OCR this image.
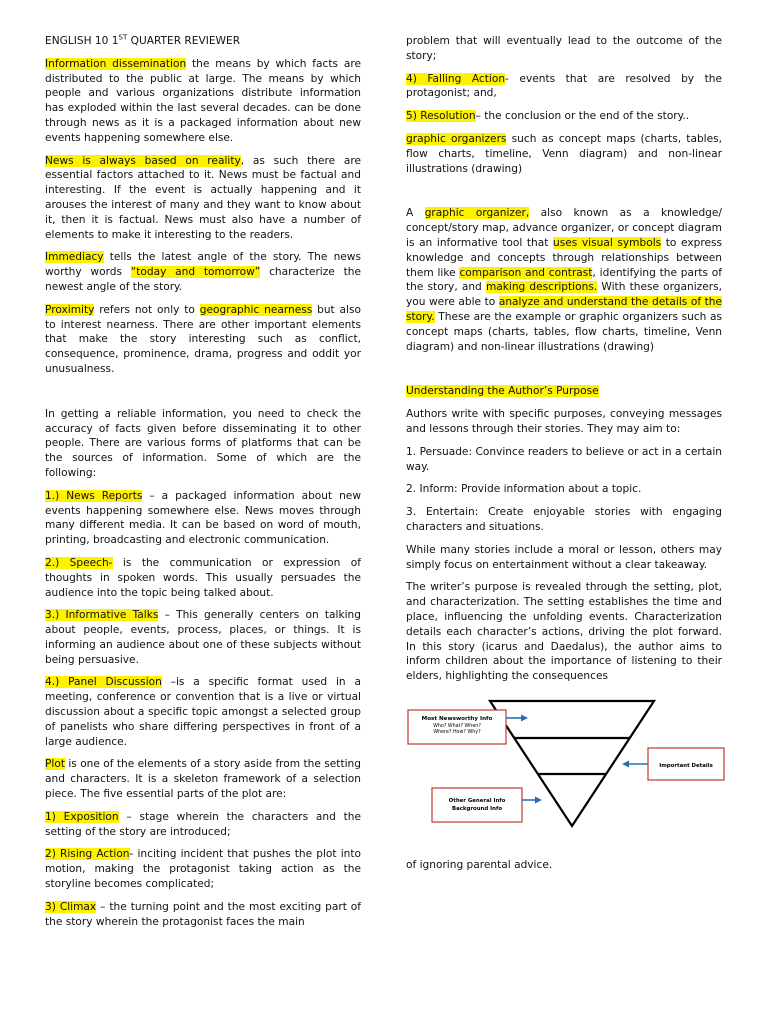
ENGLISH 10 1ST QUARTER REVIEWER

Information dissemination the means by which facts are distributed to the public at large. The means by which people and various organizations distribute information has exploded within the last several decades. can be done through news as it is a packaged information about new events happening somewhere else.

News is always based on reality, as such there are essential factors attached to it. News must be factual and interesting. If the event is actually happening and it arouses the interest of many and they want to know about it, then it is factual. News must also have a number of elements to make it interesting to the readers.

Immediacy tells the latest angle of the story. The news worthy words “today and tomorrow” characterize the newest angle of the story.

Proximity refers not only to geographic nearness but also to interest nearness. There are other important elements that make the story interesting such as conflict, consequence, prominence, drama, progress and oddit yor unusualness.

In getting a reliable information, you need to check the accuracy of facts given before disseminating it to other people. There are various forms of platforms that can be the sources of information. Some of which are the following:

1.) News Reports – a packaged information about new events happening somewhere else. News moves through many different media. It can be based on word of mouth, printing, broadcasting and electronic communication.

2.) Speech- is the communication or expression of thoughts in spoken words. This usually persuades the audience into the topic being talked about.

3.) Informative Talks – This generally centers on talking about people, events, process, places, or things. It is informing an audience about one of these subjects without being persuasive.

4.) Panel Discussion –is a specific format used in a meeting, conference or convention that is a live or virtual discussion about a specific topic amongst a selected group of panelists who share differing perspectives in front of a large audience.

Plot is one of the elements of a story aside from the setting and characters. It is a skeleton framework of a selection piece. The five essential parts of the plot are:

1) Exposition – stage wherein the characters and the setting of the story are introduced;

2) Rising Action- inciting incident that pushes the plot into motion, making the protagonist taking action as the storyline becomes complicated;

3) Climax – the turning point and the most exciting part of the story wherein the protagonist faces the main

problem that will eventually lead to the outcome of the story;

4) Falling Action- events that are resolved by the protagonist; and,

5) Resolution– the conclusion or the end of the story..

graphic organizers such as concept maps (charts, tables, flow charts, timeline, Venn diagram) and non-linear illustrations (drawing)

A graphic organizer, also known as a knowledge/ concept/story map, advance organizer, or concept diagram is an informative tool that uses visual symbols to express knowledge and concepts through relationships between them like comparison and contrast, identifying the parts of the story, and making descriptions. With these organizers, you were able to analyze and understand the details of the story. These are the example or graphic organizers such as concept maps (charts, tables, flow charts, timeline, Venn diagram) and non-linear illustrations (drawing)

Understanding the Author’s Purpose

Authors write with specific purposes, conveying messages and lessons through their stories. They may aim to:

1. Persuade: Convince readers to believe or act in a certain way.

2. Inform: Provide information about a topic.

3. Entertain: Create enjoyable stories with engaging characters and situations.

While many stories include a moral or lesson, others may simply focus on entertainment without a clear takeaway.

The writer’s purpose is revealed through the setting, plot, and characterization. The setting establishes the time and place, influencing the unfolding events. Characterization details each character’s actions, driving the plot forward. In this story (icarus and Daedalus), the author aims to inform children about the importance of listening to their elders, highlighting the consequences

Most Newsworthy Info
Who? What? When?
Where? How? Why?
Important Details
Other General Info
Background Info

of ignoring parental advice.
